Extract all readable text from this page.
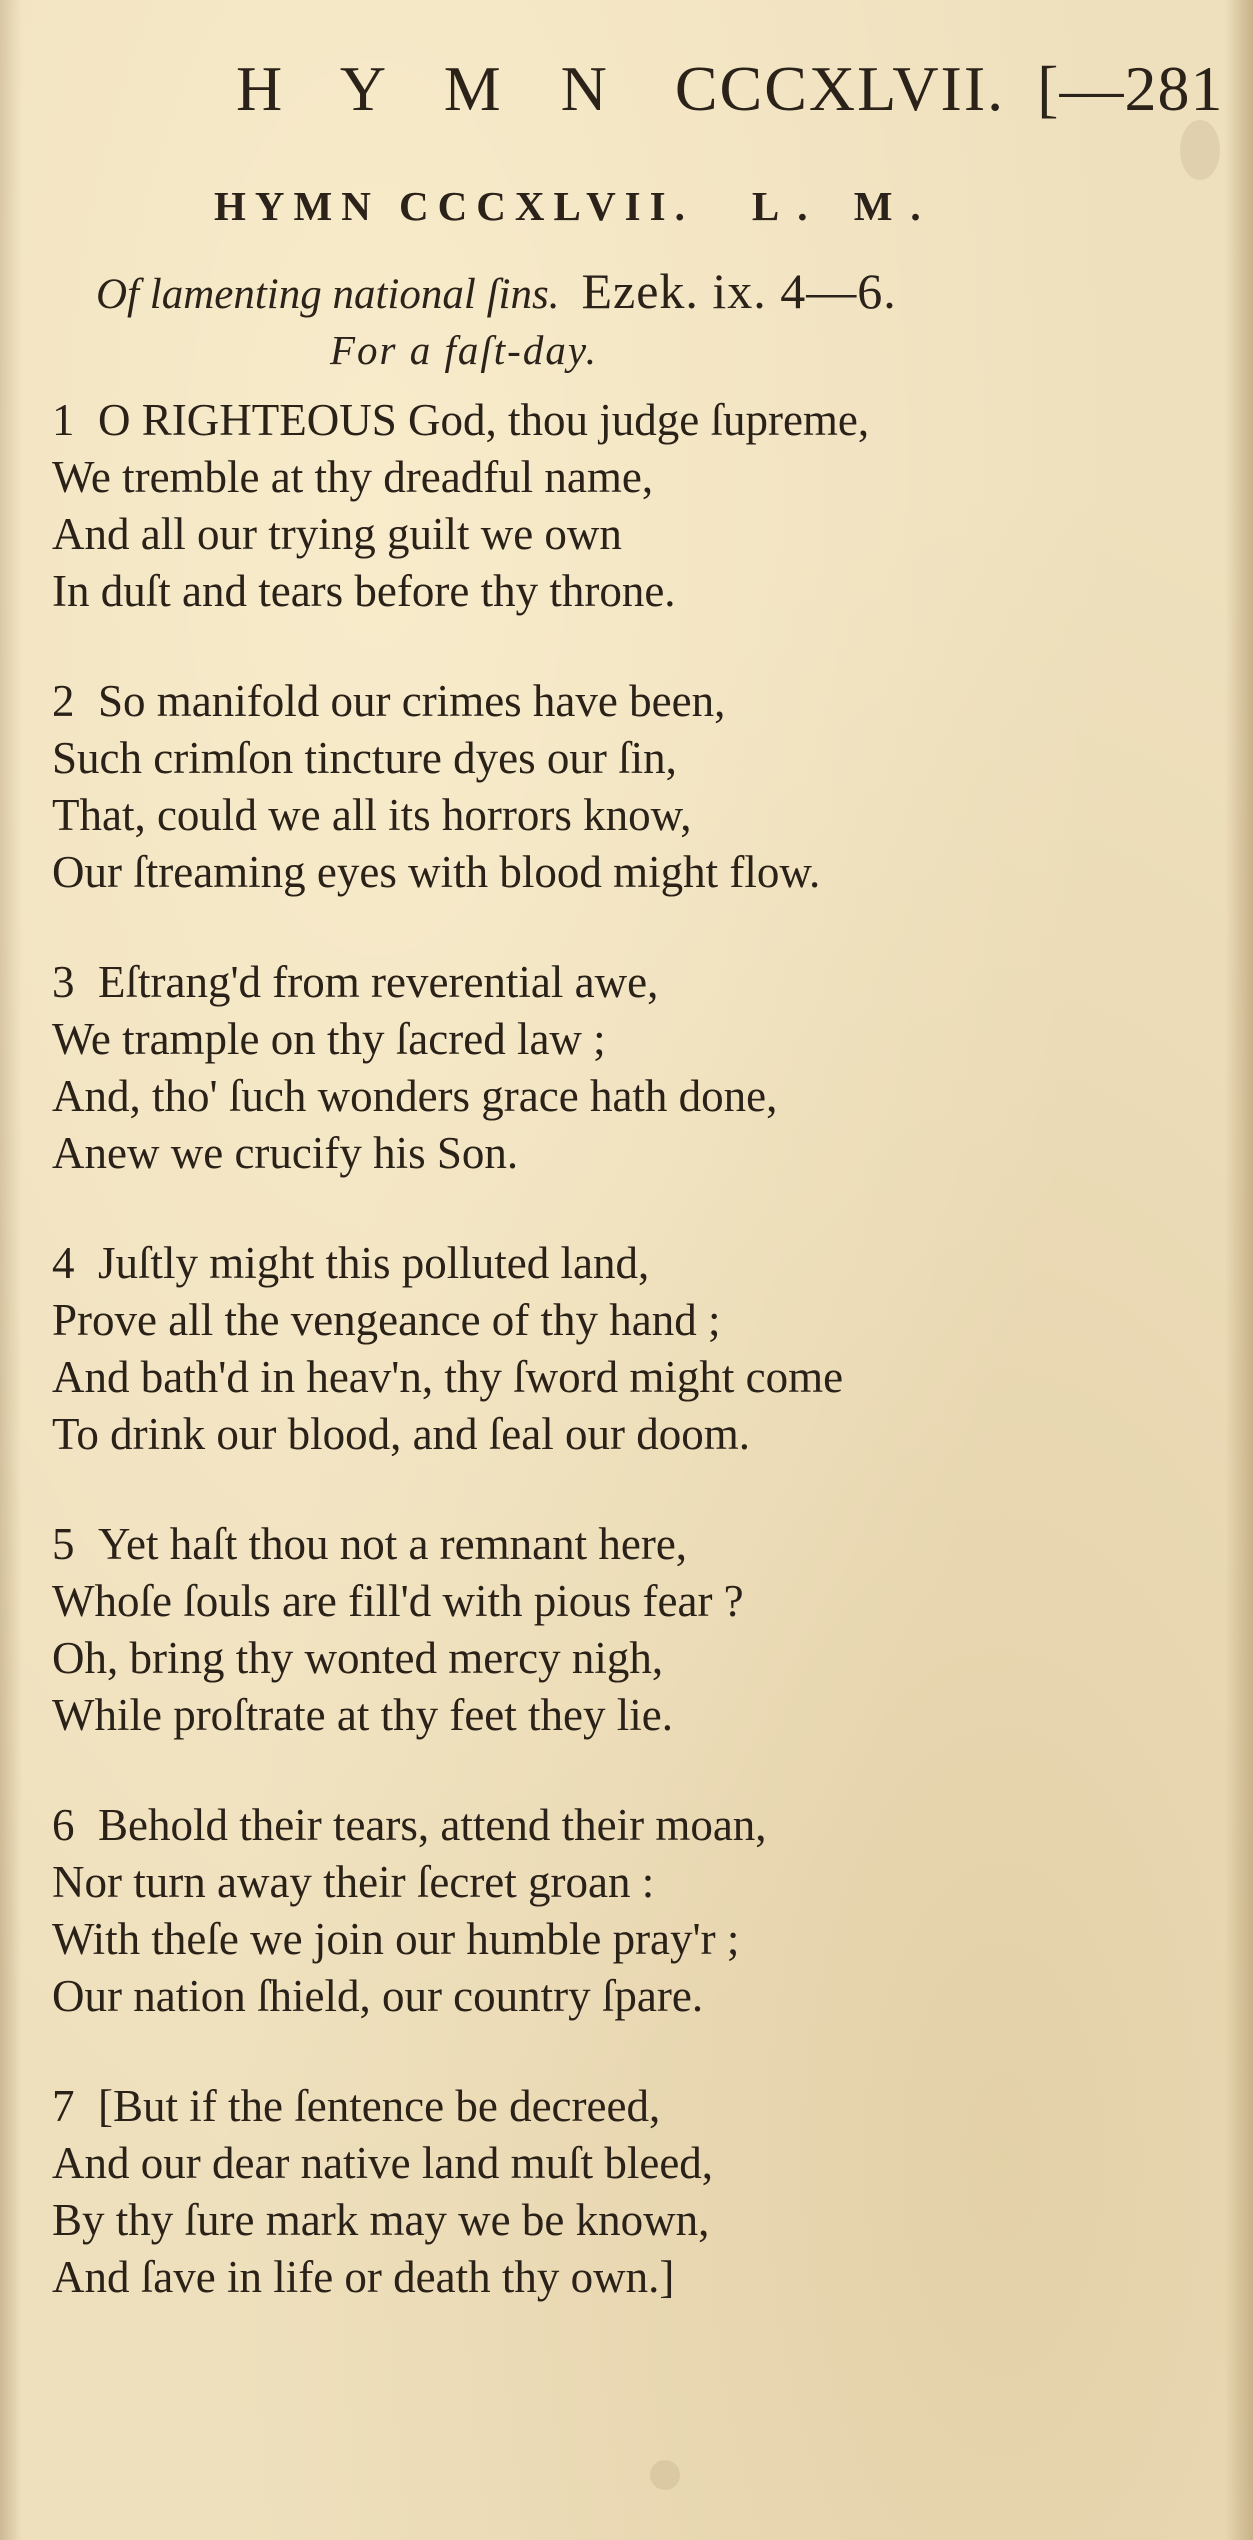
H Y M N CCCXLVII. [—281
HYMN CCCXLVII. L. M.
Of lamenting national ſins. Ezek. ix. 4—6.
For a faſt-day.
1 O RIGHTEOUS God, thou judge ſupreme,
We tremble at thy dreadful name,
And all our trying guilt we own
In duſt and tears before thy throne.
2 So manifold our crimes have been,
Such crimſon tincture dyes our ſin,
That, could we all its horrors know,
Our ſtreaming eyes with blood might flow.
3 Eſtrang'd from reverential awe,
We trample on thy ſacred law ;
And, tho' ſuch wonders grace hath done,
Anew we crucify his Son.
4 Juſtly might this polluted land,
Prove all the vengeance of thy hand ;
And bath'd in heav'n, thy ſword might come
To drink our blood, and ſeal our doom.
5 Yet haſt thou not a remnant here,
Whoſe ſouls are fill'd with pious fear ?
Oh, bring thy wonted mercy nigh,
While proſtrate at thy feet they lie.
6 Behold their tears, attend their moan,
Nor turn away their ſecret groan :
With theſe we join our humble pray'r ;
Our nation ſhield, our country ſpare.
7 [But if the ſentence be decreed,
And our dear native land muſt bleed,
By thy ſure mark may we be known,
And ſave in life or death thy own.]
